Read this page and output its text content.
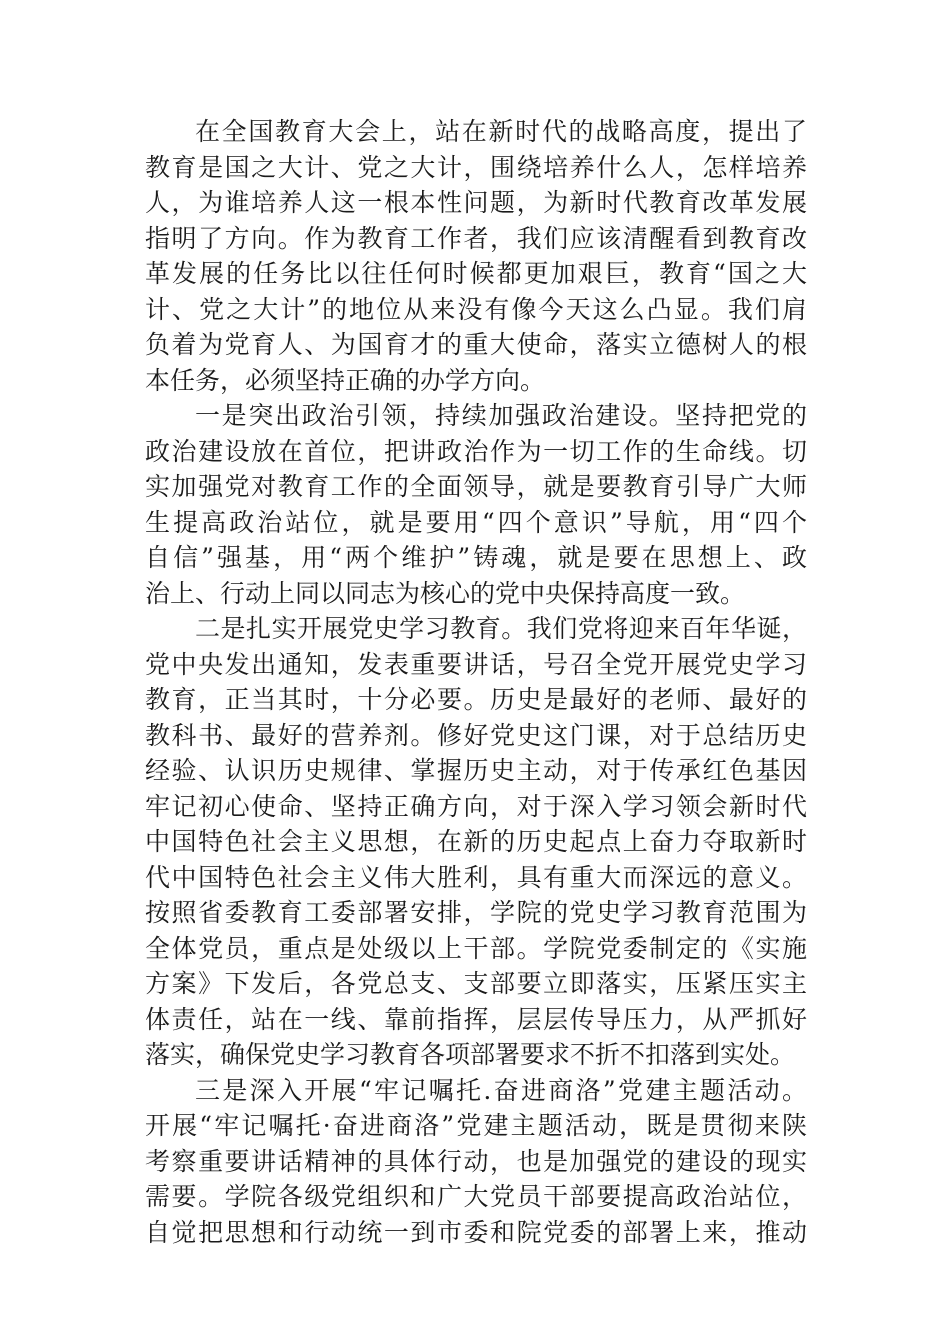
在全国教育大会上，站在新时代的战略高度，提出了
教育是国之大计、党之大计，围绕培养什么人，怎样培养
人，为谁培养人这一根本性问题，为新时代教育改革发展
指明了方向。作为教育工作者，我们应该清醒看到教育改
革发展的任务比以往任何时候都更加艰巨，教育“国之大
计、党之大计”的地位从来没有像今天这么凸显。我们肩
负着为党育人、为国育才的重大使命，落实立德树人的根
本任务，必须坚持正确的办学方向。
一是突出政治引领，持续加强政治建设。坚持把党的
政治建设放在首位，把讲政治作为一切工作的生命线。切
实加强党对教育工作的全面领导，就是要教育引导广大师
生提高政治站位，就是要用“四个意识”导航，用“四个
自信”强基，用“两个维护”铸魂，就是要在思想上、政
治上、行动上同以同志为核心的党中央保持高度一致。
二是扎实开展党史学习教育。我们党将迎来百年华诞，
党中央发出通知，发表重要讲话，号召全党开展党史学习
教育，正当其时，十分必要。历史是最好的老师、最好的
教科书、最好的营养剂。修好党史这门课，对于总结历史
经验、认识历史规律、掌握历史主动，对于传承红色基因
牢记初心使命、坚持正确方向，对于深入学习领会新时代
中国特色社会主义思想，在新的历史起点上奋力夺取新时
代中国特色社会主义伟大胜利，具有重大而深远的意义。
按照省委教育工委部署安排，学院的党史学习教育范围为
全体党员，重点是处级以上干部。学院党委制定的《实施
方案》下发后，各党总支、支部要立即落实，压紧压实主
体责任，站在一线、靠前指挥，层层传导压力，从严抓好
落实，确保党史学习教育各项部署要求不折不扣落到实处。
三是深入开展“牢记嘱托.奋进商洛”党建主题活动。
开展“牢记嘱托·奋进商洛”党建主题活动，既是贯彻来陕
考察重要讲话精神的具体行动，也是加强党的建设的现实
需要。学院各级党组织和广大党员干部要提高政治站位，
自觉把思想和行动统一到市委和院党委的部署上来，推动
